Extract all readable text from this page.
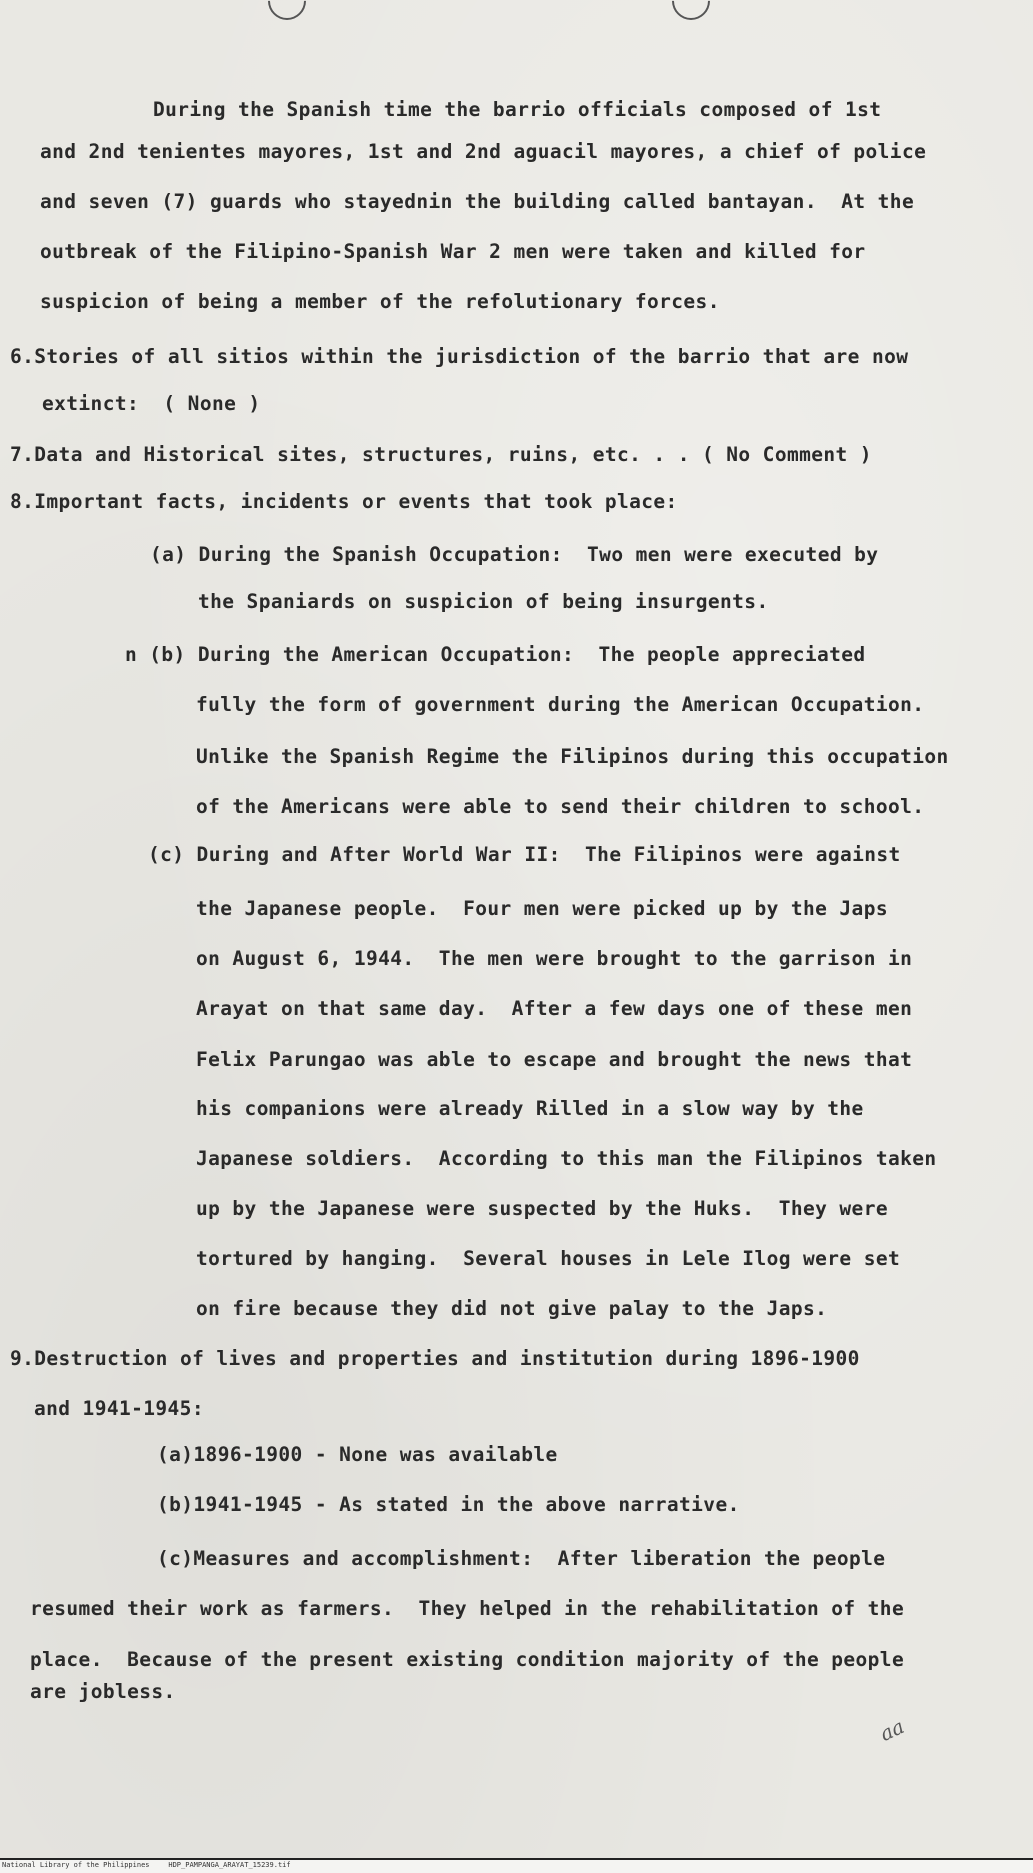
During the Spanish time the barrio officials composed of 1st
and 2nd tenientes mayores, 1st and 2nd aguacil mayores, a chief of police
and seven (7) guards who stayednin the building called bantayan.  At the
outbreak of the Filipino-Spanish War 2 men were taken and killed for
suspicion of being a member of the refolutionary forces.
6.Stories of all sitios within the jurisdiction of the barrio that are now
extinct:  ( None )
7.Data and Historical sites, structures, ruins, etc. . . ( No Comment )
8.Important facts, incidents or events that took place:
(a) During the Spanish Occupation:  Two men were executed by
the Spaniards on suspicion of being insurgents.
n (b) During the American Occupation:  The people appreciated
fully the form of government during the American Occupation.
Unlike the Spanish Regime the Filipinos during this occupation
of the Americans were able to send their children to school.
(c) During and After World War II:  The Filipinos were against
the Japanese people.  Four men were picked up by the Japs
on August 6, 1944.  The men were brought to the garrison in
Arayat on that same day.  After a few days one of these men
Felix Parungao was able to escape and brought the news that
his companions were already Rilled in a slow way by the
Japanese soldiers.  According to this man the Filipinos taken
up by the Japanese were suspected by the Huks.  They were
tortured by hanging.  Several houses in Lele Ilog were set
on fire because they did not give palay to the Japs.
9.Destruction of lives and properties and institution during 1896-1900
and 1941-1945:
(a)1896-1900 - None was available
(b)1941-1945 - As stated in the above narrative.
(c)Measures and accomplishment:  After liberation the people
resumed their work as farmers.  They helped in the rehabilitation of the
place.  Because of the present existing condition majority of the people
are jobless.
aa
National Library of the Philippines	HDP_PAMPANGA_ARAYAT_15239.tif
